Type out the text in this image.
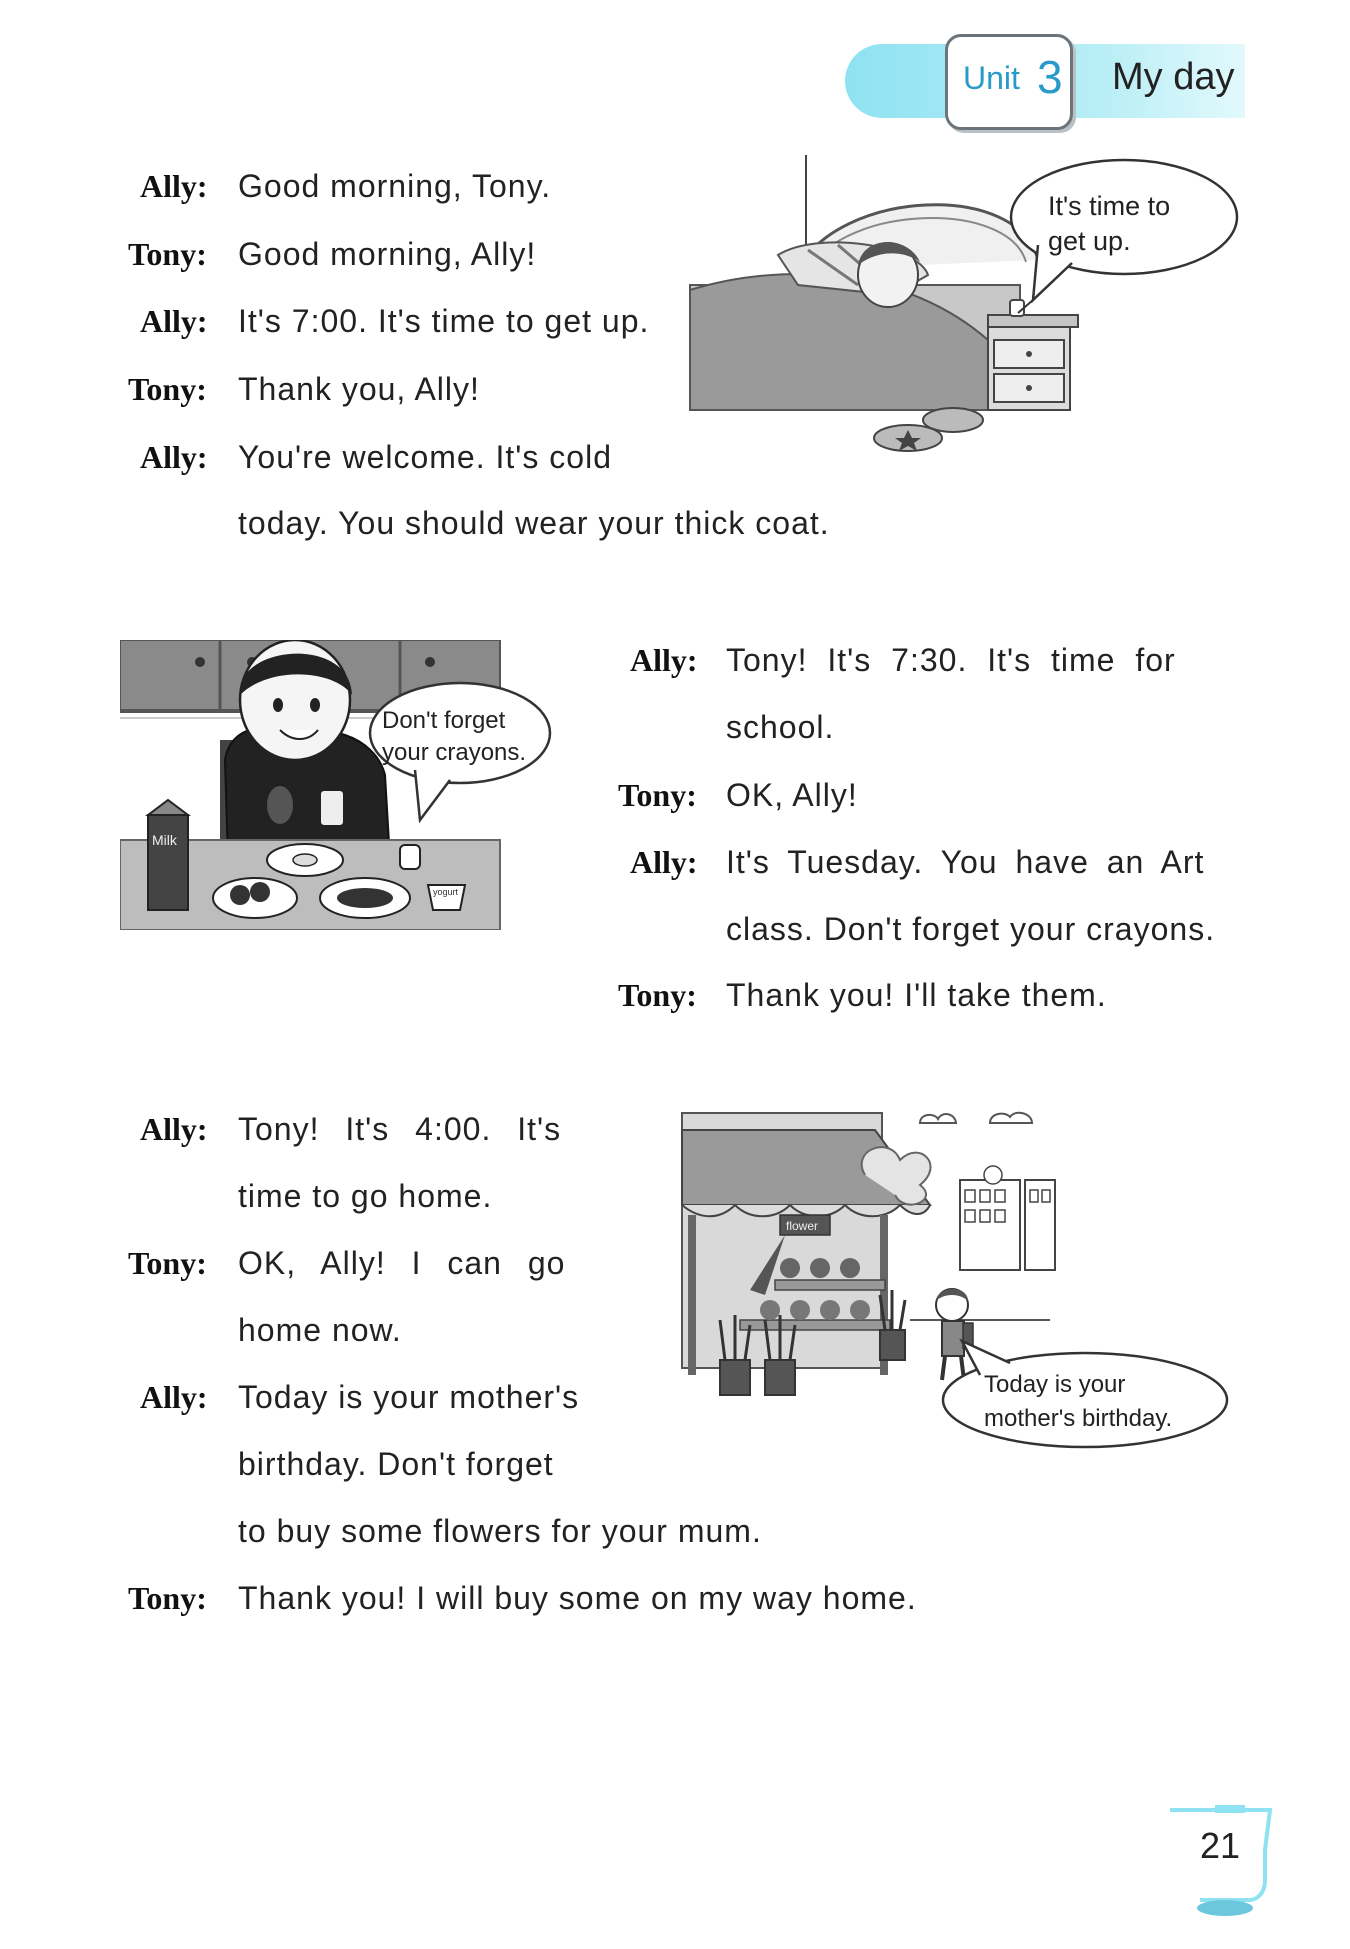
Unit 3 My day
Ally: Good morning, Tony.
Tony: Good morning, Ally!
Ally: It's 7:00. It's time to get up.
Tony: Thank you, Ally!
Ally: You're welcome. It's cold
today. You should wear your thick coat.
It's time to
get up.
Ally: Tony! It's 7:30. It's time for
school.
Tony: OK, Ally!
Ally: It's Tuesday. You have an Art
class. Don't forget your crayons.
Tony: Thank you! I'll take them.
Milk
yogurt
Don't forget
your crayons.
Ally: Tony! It's 4:00. It's
time to go home.
Tony: OK, Ally! I can go
home now.
Ally: Today is your mother's
birthday. Don't forget
to buy some flowers for your mum.
Tony: Thank you! I will buy some on my way home.
flower
Today is your
mother's birthday.
21
